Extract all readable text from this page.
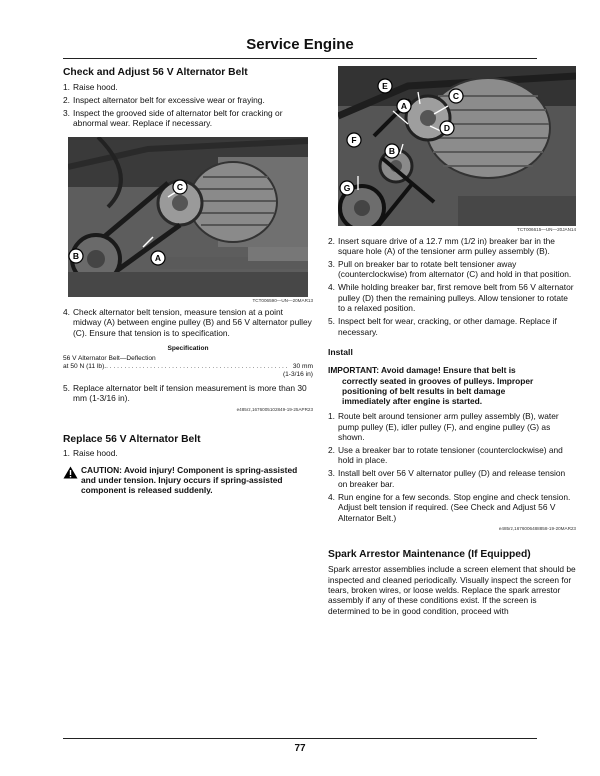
Service Engine
Check and Adjust 56 V Alternator Belt
1. Raise hood.
2. Inspect alternator belt for excessive wear or fraying.
3. Inspect the grooved side of alternator belt for cracking or abnormal wear. Replace if necessary.
C
A
B
TCT006590—UN—20MAR13
4. Check alternator belt tension, measure tension at a point midway (A) between engine pulley (B) and 56 V alternator pulley (C). Ensure that tension is to specification.
Specification
56 V Alternator Belt—Deflection
at 50 N (11 lb). . . . . . . . . . . . . . . . . . . . . . . . . . . . . . . . . . . . . . . . . . . . . . . . . . . 30 mm
(1-3/16 in)
5. Replace alternator belt if tension measurement is more than 30 mm (1-3/16 in).
e485rz,1676005102849-19-25APR23
Replace 56 V Alternator Belt
1. Raise hood.
CAUTION: Avoid injury! Component is spring-assisted and under tension. Injury occurs if spring-assisted component is released suddenly.
E
A
C
D
F
B
G
TCT006615—UN—20JAN14
2. Insert square drive of a 12.7 mm (1/2 in) breaker bar in the square hole (A) of the tensioner arm pulley assembly (B).
3. Pull on breaker bar to rotate belt tensioner away (counterclockwise) from alternator (C) and hold in that position.
4. While holding breaker bar, first remove belt from 56 V alternator pulley (D) then the remaining pulleys. Allow tensioner to rotate to a relaxed position.
5. Inspect belt for wear, cracking, or other damage. Replace if necessary.
Install
IMPORTANT: Avoid damage! Ensure that belt is
correctly seated in grooves of pulleys. Improper
positioning of belt results in belt damage
immediately after engine is started.
1. Route belt around tensioner arm pulley assembly (B), water pump pulley (E), idler pulley (F), and engine pulley (G) as shown.
2. Use a breaker bar to rotate tensioner (counterclockwise) and hold in place.
3. Install belt over 56 V alternator pulley (D) and release tension on breaker bar.
4. Run engine for a few seconds. Stop engine and check tension. Adjust belt tension if required. (See Check and Adjust 56 V Alternator Belt.)
e485rz,1676006488858-19-20MAR23
Spark Arrestor Maintenance (If Equipped)
Spark arrestor assemblies include a screen element that should be inspected and cleaned periodically. Visually inspect the screen for tears, broken wires, or loose welds. Replace the spark arrestor assembly if any of these conditions exist. If the screen is determined to be in good condition, proceed with
77
